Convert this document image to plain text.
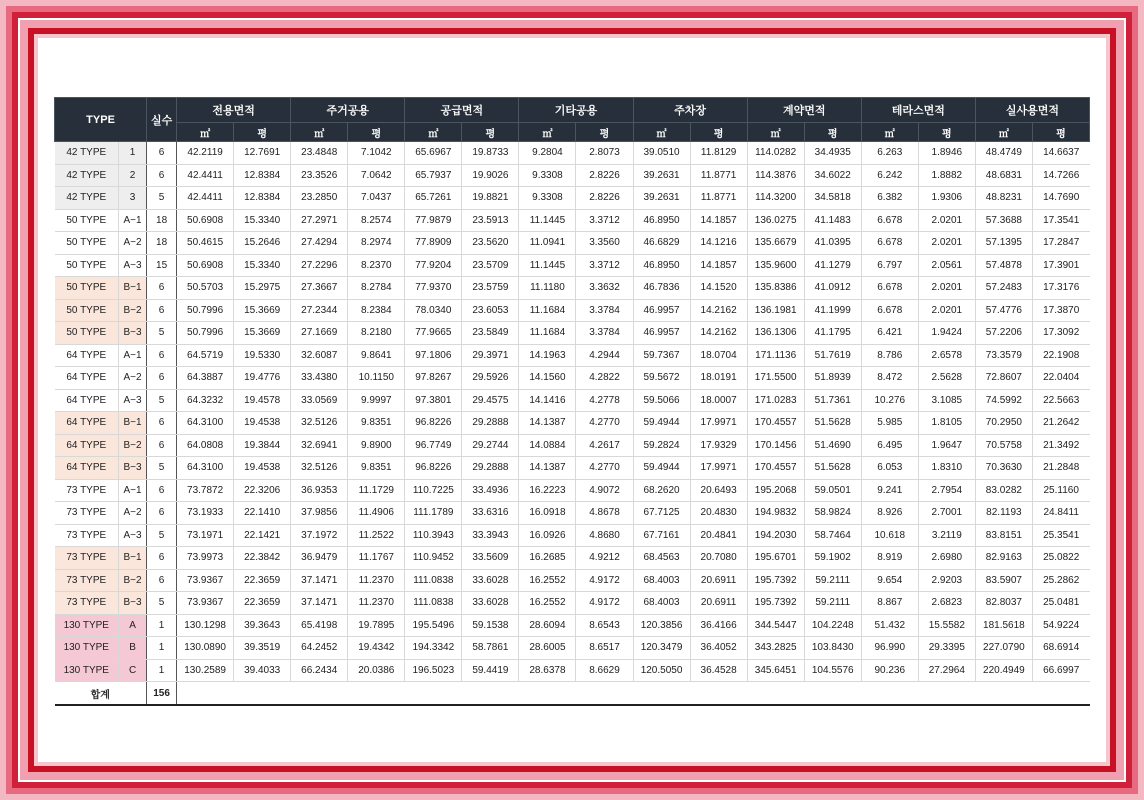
TYPE		실수	전용면적		주거공용		공급면적		기타공용		주차장		계약면적		테라스면적		실사용면적	
			㎡	평	㎡	평	㎡	평	㎡	평	㎡	평	㎡	평	㎡	평	㎡	평
42 TYPE	1	6	42.2119	12.7691	23.4848	7.1042	65.6967	19.8733	9.2804	2.8073	39.0510	11.8129	114.0282	34.4935	6.263	1.8946	48.4749	14.6637
42 TYPE	2	6	42.4411	12.8384	23.3526	7.0642	65.7937	19.9026	9.3308	2.8226	39.2631	11.8771	114.3876	34.6022	6.242	1.8882	48.6831	14.7266
42 TYPE	3	5	42.4411	12.8384	23.2850	7.0437	65.7261	19.8821	9.3308	2.8226	39.2631	11.8771	114.3200	34.5818	6.382	1.9306	48.8231	14.7690
50 TYPE	A−1	18	50.6908	15.3340	27.2971	8.2574	77.9879	23.5913	11.1445	3.3712	46.8950	14.1857	136.0275	41.1483	6.678	2.0201	57.3688	17.3541
50 TYPE	A−2	18	50.4615	15.2646	27.4294	8.2974	77.8909	23.5620	11.0941	3.3560	46.6829	14.1216	135.6679	41.0395	6.678	2.0201	57.1395	17.2847
50 TYPE	A−3	15	50.6908	15.3340	27.2296	8.2370	77.9204	23.5709	11.1445	3.3712	46.8950	14.1857	135.9600	41.1279	6.797	2.0561	57.4878	17.3901
50 TYPE	B−1	6	50.5703	15.2975	27.3667	8.2784	77.9370	23.5759	11.1180	3.3632	46.7836	14.1520	135.8386	41.0912	6.678	2.0201	57.2483	17.3176
50 TYPE	B−2	6	50.7996	15.3669	27.2344	8.2384	78.0340	23.6053	11.1684	3.3784	46.9957	14.2162	136.1981	41.1999	6.678	2.0201	57.4776	17.3870
50 TYPE	B−3	5	50.7996	15.3669	27.1669	8.2180	77.9665	23.5849	11.1684	3.3784	46.9957	14.2162	136.1306	41.1795	6.421	1.9424	57.2206	17.3092
64 TYPE	A−1	6	64.5719	19.5330	32.6087	9.8641	97.1806	29.3971	14.1963	4.2944	59.7367	18.0704	171.1136	51.7619	8.786	2.6578	73.3579	22.1908
64 TYPE	A−2	6	64.3887	19.4776	33.4380	10.1150	97.8267	29.5926	14.1560	4.2822	59.5672	18.0191	171.5500	51.8939	8.472	2.5628	72.8607	22.0404
64 TYPE	A−3	5	64.3232	19.4578	33.0569	9.9997	97.3801	29.4575	14.1416	4.2778	59.5066	18.0007	171.0283	51.7361	10.276	3.1085	74.5992	22.5663
64 TYPE	B−1	6	64.3100	19.4538	32.5126	9.8351	96.8226	29.2888	14.1387	4.2770	59.4944	17.9971	170.4557	51.5628	5.985	1.8105	70.2950	21.2642
64 TYPE	B−2	6	64.0808	19.3844	32.6941	9.8900	96.7749	29.2744	14.0884	4.2617	59.2824	17.9329	170.1456	51.4690	6.495	1.9647	70.5758	21.3492
64 TYPE	B−3	5	64.3100	19.4538	32.5126	9.8351	96.8226	29.2888	14.1387	4.2770	59.4944	17.9971	170.4557	51.5628	6.053	1.8310	70.3630	21.2848
73 TYPE	A−1	6	73.7872	22.3206	36.9353	11.1729	110.7225	33.4936	16.2223	4.9072	68.2620	20.6493	195.2068	59.0501	9.241	2.7954	83.0282	25.1160
73 TYPE	A−2	6	73.1933	22.1410	37.9856	11.4906	111.1789	33.6316	16.0918	4.8678	67.7125	20.4830	194.9832	58.9824	8.926	2.7001	82.1193	24.8411
73 TYPE	A−3	5	73.1971	22.1421	37.1972	11.2522	110.3943	33.3943	16.0926	4.8680	67.7161	20.4841	194.2030	58.7464	10.618	3.2119	83.8151	25.3541
73 TYPE	B−1	6	73.9973	22.3842	36.9479	11.1767	110.9452	33.5609	16.2685	4.9212	68.4563	20.7080	195.6701	59.1902	8.919	2.6980	82.9163	25.0822
73 TYPE	B−2	6	73.9367	22.3659	37.1471	11.2370	111.0838	33.6028	16.2552	4.9172	68.4003	20.6911	195.7392	59.2111	9.654	2.9203	83.5907	25.2862
73 TYPE	B−3	5	73.9367	22.3659	37.1471	11.2370	111.0838	33.6028	16.2552	4.9172	68.4003	20.6911	195.7392	59.2111	8.867	2.6823	82.8037	25.0481
130 TYPE	A	1	130.1298	39.3643	65.4198	19.7895	195.5496	59.1538	28.6094	8.6543	120.3856	36.4166	344.5447	104.2248	51.432	15.5582	181.5618	54.9224
130 TYPE	B	1	130.0890	39.3519	64.2452	19.4342	194.3342	58.7861	28.6005	8.6517	120.3479	36.4052	343.2825	103.8430	96.990	29.3395	227.0790	68.6914
130 TYPE	C	1	130.2589	39.4033	66.2434	20.0386	196.5023	59.4419	28.6378	8.6629	120.5050	36.4528	345.6451	104.5576	90.236	27.2964	220.4949	66.6997
합계		156																
